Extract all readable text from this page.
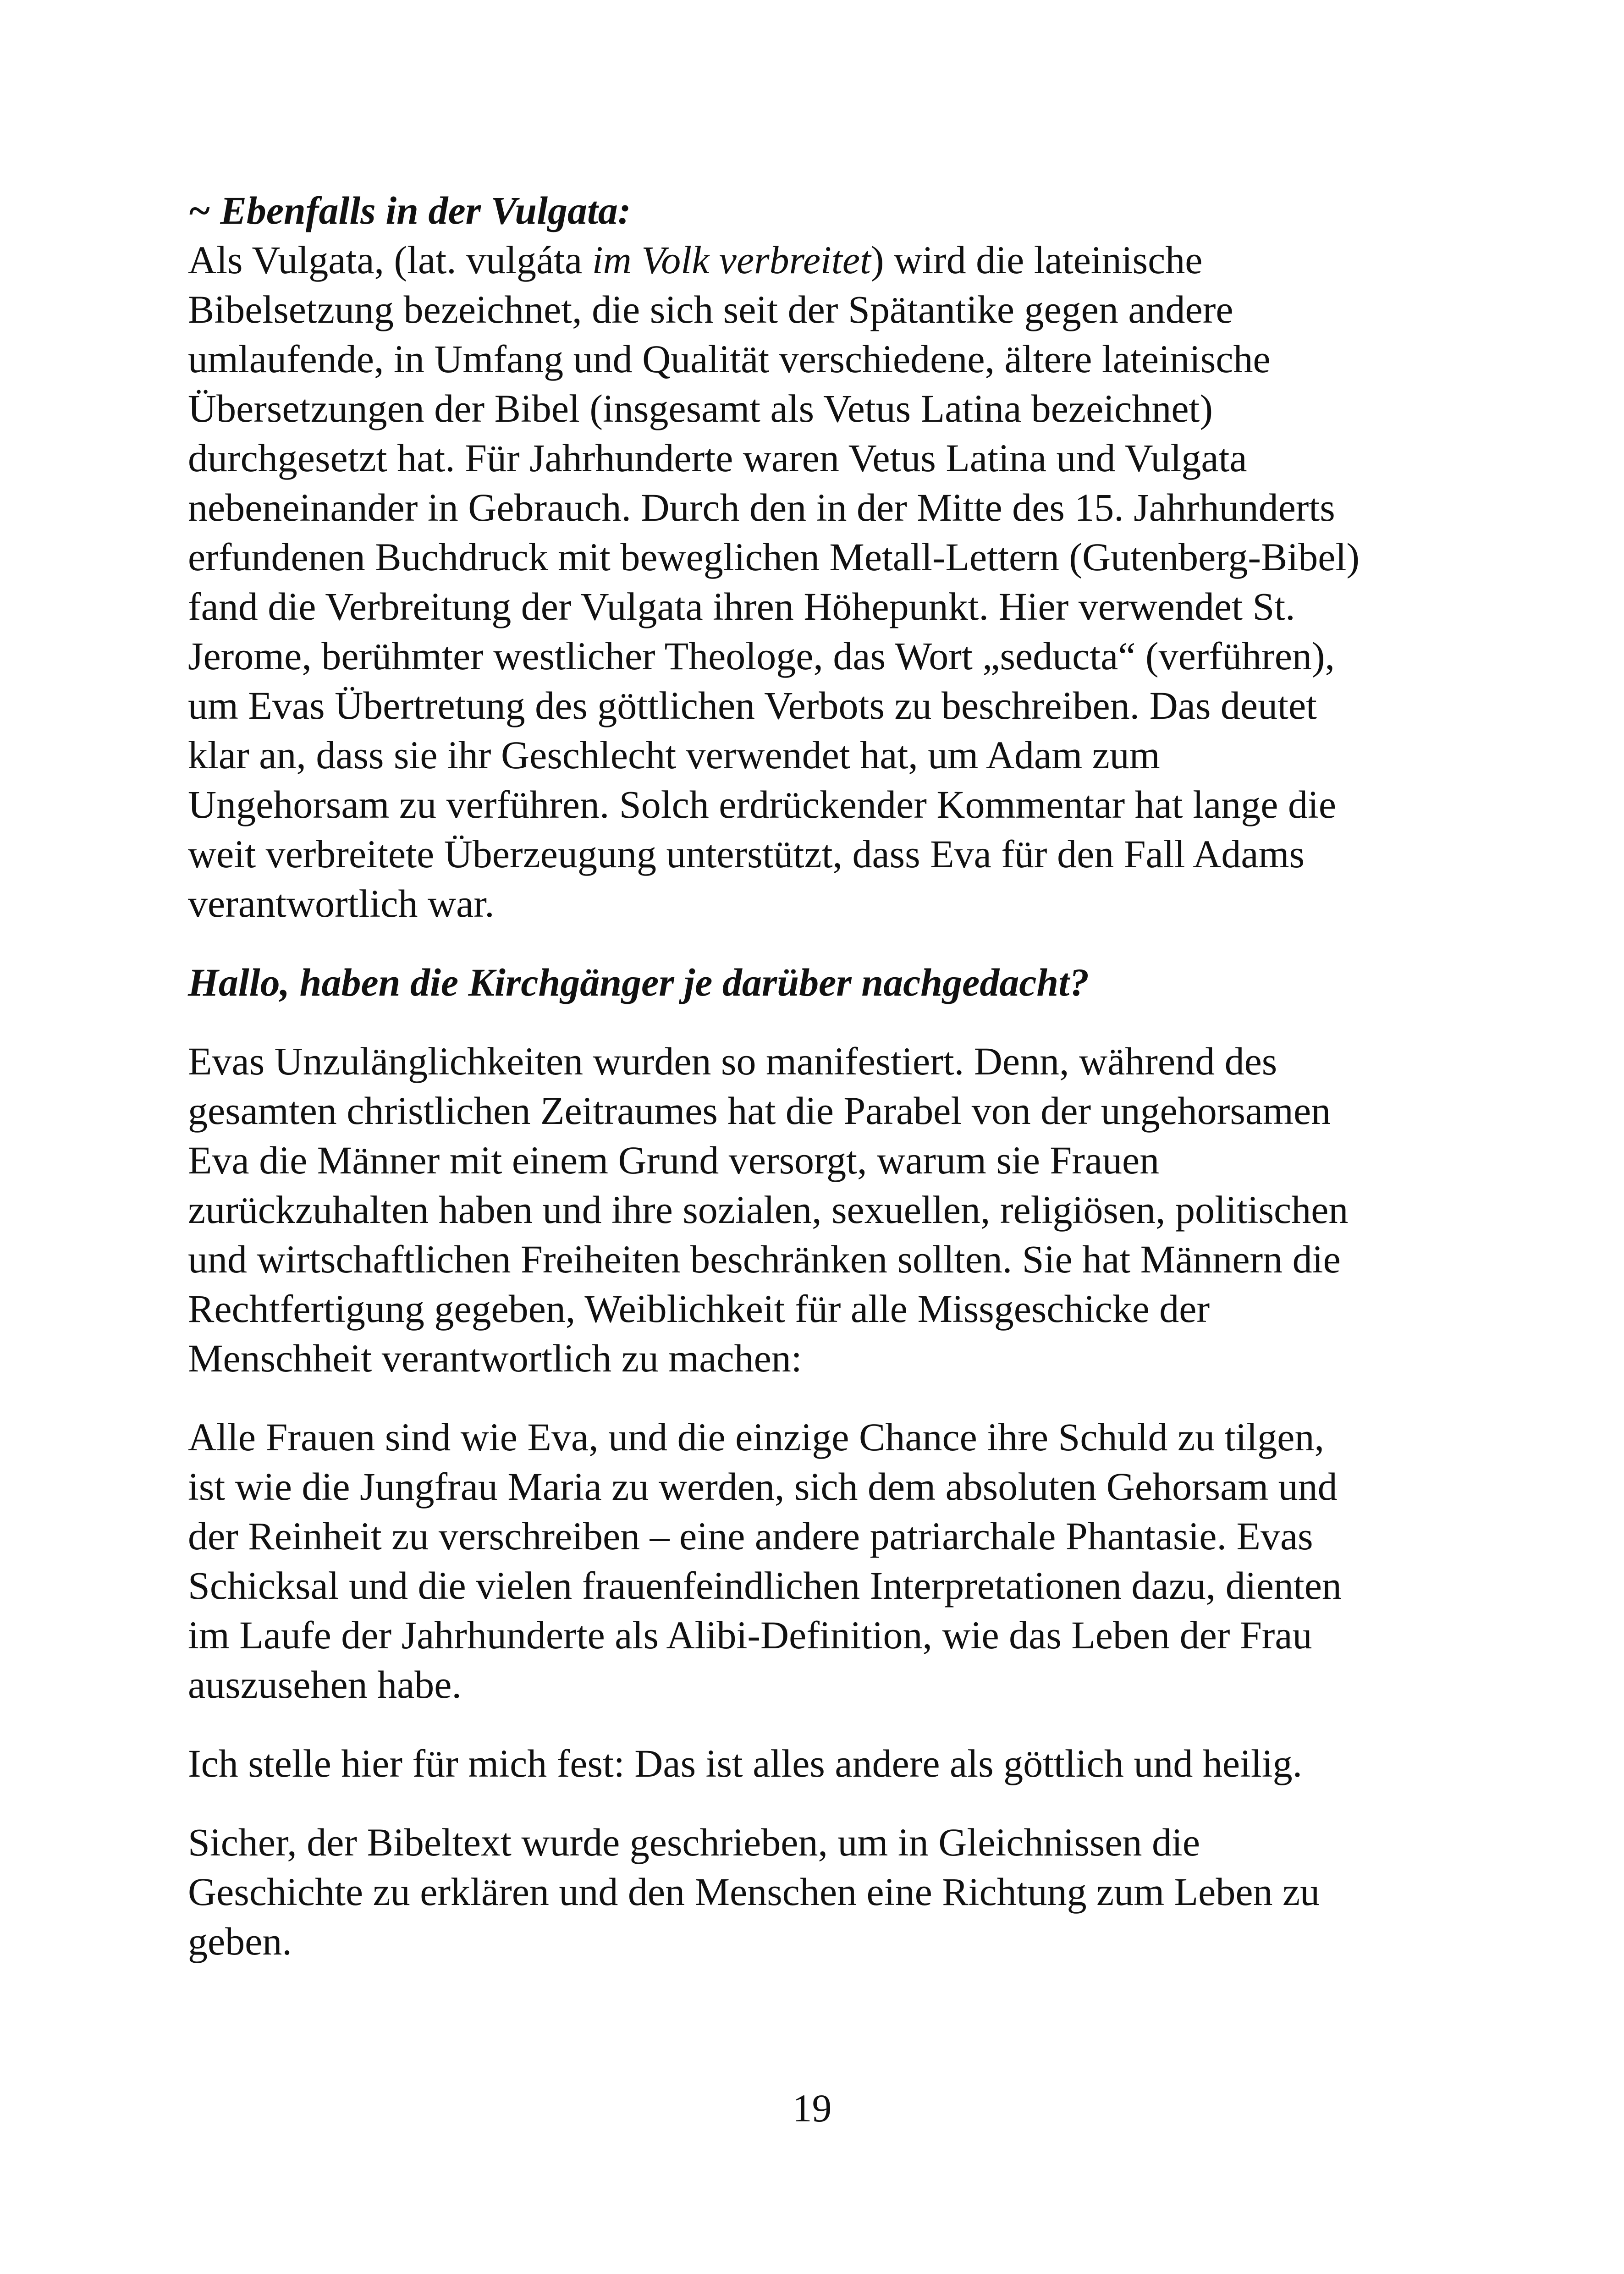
~ Ebenfalls in der Vulgata:
Als Vulgata, (lat. vulgáta im Volk verbreitet) wird die lateinische
Bibelsetzung bezeichnet, die sich seit der Spätantike gegen andere
umlaufende, in Umfang und Qualität verschiedene, ältere lateinische
Übersetzungen der Bibel (insgesamt als Vetus Latina bezeichnet)
durchgesetzt hat. Für Jahrhunderte waren Vetus Latina und Vulgata
nebeneinander in Gebrauch. Durch den in der Mitte des 15. Jahrhunderts
erfundenen Buchdruck mit beweglichen Metall-Lettern (Gutenberg-Bibel)
fand die Verbreitung der Vulgata ihren Höhepunkt. Hier verwendet St.
Jerome, berühmter westlicher Theologe, das Wort „seducta“ (verführen),
um Evas Übertretung des göttlichen Verbots zu beschreiben. Das deutet
klar an, dass sie ihr Geschlecht verwendet hat, um Adam zum
Ungehorsam zu verführen. Solch erdrückender Kommentar hat lange die
weit verbreitete Überzeugung unterstützt, dass Eva für den Fall Adams
verantwortlich war.
Hallo, haben die Kirchgänger je darüber nachgedacht?
Evas Unzulänglichkeiten wurden so manifestiert. Denn, während des
gesamten christlichen Zeitraumes hat die Parabel von der ungehorsamen
Eva die Männer mit einem Grund versorgt, warum sie Frauen
zurückzuhalten haben und ihre sozialen, sexuellen, religiösen, politischen
und wirtschaftlichen Freiheiten beschränken sollten. Sie hat Männern die
Rechtfertigung gegeben, Weiblichkeit für alle Missgeschicke der
Menschheit verantwortlich zu machen:
Alle Frauen sind wie Eva, und die einzige Chance ihre Schuld zu tilgen,
ist wie die Jungfrau Maria zu werden, sich dem absoluten Gehorsam und
der Reinheit zu verschreiben – eine andere patriarchale Phantasie. Evas
Schicksal und die vielen frauenfeindlichen Interpretationen dazu, dienten
im Laufe der Jahrhunderte als Alibi-Definition, wie das Leben der Frau
auszusehen habe.
Ich stelle hier für mich fest: Das ist alles andere als göttlich und heilig.
Sicher, der Bibeltext wurde geschrieben, um in Gleichnissen die
Geschichte zu erklären und den Menschen eine Richtung zum Leben zu
geben.
19
